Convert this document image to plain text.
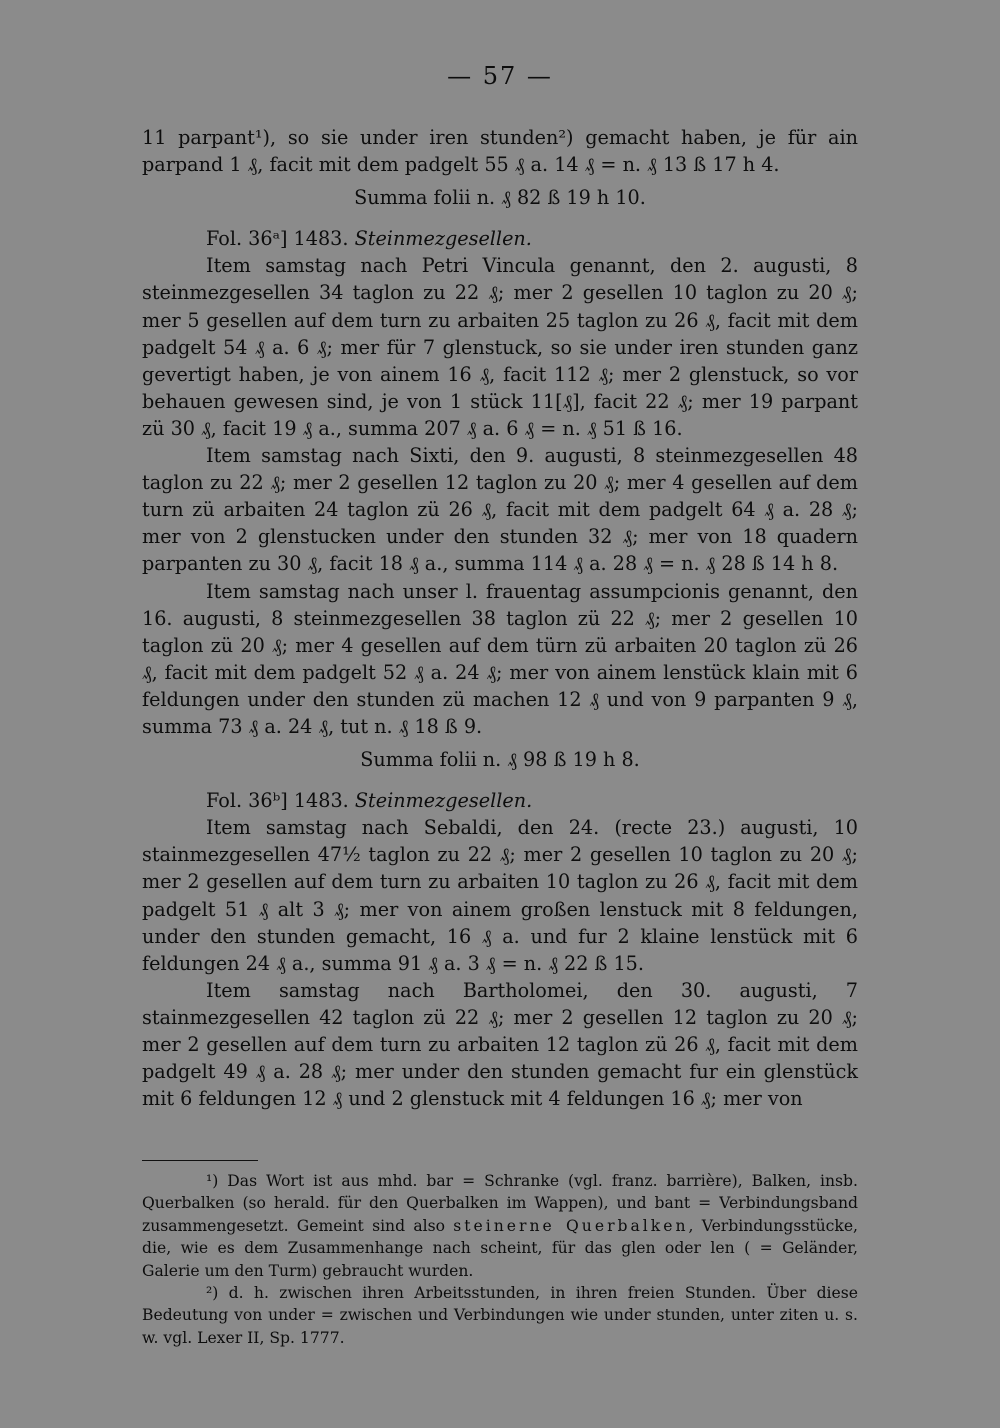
— 57 —

11 parpant¹), so sie under iren stunden²) gemacht haben, je für ain parpand 1 ₰, facit mit dem padgelt 55 ₰ a. 14 ₰ = n. ₰ 13 ß 17 h 4.

Summa folii n. ₰ 82 ß 19 h 10.

Fol. 36ᵃ] 1483. Steinmezgesellen.

Item samstag nach Petri Vincula genannt, den 2. augusti, 8 steinmezgesellen 34 taglon zu 22 ₰; mer 2 gesellen 10 taglon zu 20 ₰; mer 5 gesellen auf dem turn zu arbaiten 25 taglon zu 26 ₰, facit mit dem padgelt 54 ₰ a. 6 ₰; mer für 7 glenstuck, so sie under iren stunden ganz gevertigt haben, je von ainem 16 ₰, facit 112 ₰; mer 2 glenstuck, so vor behauen gewesen sind, je von 1 stück 11[₰], facit 22 ₰; mer 19 parpant zü 30 ₰, facit 19 ₰ a., summa 207 ₰ a. 6 ₰ = n. ₰ 51 ß 16.

Item samstag nach Sixti, den 9. augusti, 8 steinmezgesellen 48 taglon zu 22 ₰; mer 2 gesellen 12 taglon zu 20 ₰; mer 4 gesellen auf dem turn zü arbaiten 24 taglon zü 26 ₰, facit mit dem padgelt 64 ₰ a. 28 ₰; mer von 2 glenstucken under den stunden 32 ₰; mer von 18 quadern parpanten zu 30 ₰, facit 18 ₰ a., summa 114 ₰ a. 28 ₰ = n. ₰ 28 ß 14 h 8.

Item samstag nach unser l. frauentag assumpcionis genannt, den 16. augusti, 8 steinmezgesellen 38 taglon zü 22 ₰; mer 2 gesellen 10 taglon zü 20 ₰; mer 4 gesellen auf dem türn zü arbaiten 20 taglon zü 26 ₰, facit mit dem padgelt 52 ₰ a. 24 ₰; mer von ainem lenstück klain mit 6 feldungen under den stunden zü machen 12 ₰ und von 9 parpanten 9 ₰, summa 73 ₰ a. 24 ₰, tut n. ₰ 18 ß 9.

Summa folii n. ₰ 98 ß 19 h 8.

Fol. 36ᵇ] 1483. Steinmezgesellen.

Item samstag nach Sebaldi, den 24. (recte 23.) augusti, 10 stainmezgesellen 47½ taglon zu 22 ₰; mer 2 gesellen 10 taglon zu 20 ₰; mer 2 gesellen auf dem turn zu arbaiten 10 taglon zu 26 ₰, facit mit dem padgelt 51 ₰ alt 3 ₰; mer von ainem großen lenstuck mit 8 feldungen, under den stunden gemacht, 16 ₰ a. und fur 2 klaine lenstück mit 6 feldungen 24 ₰ a., summa 91 ₰ a. 3 ₰ = n. ₰ 22 ß 15.

Item samstag nach Bartholomei, den 30. augusti, 7 stainmezgesellen 42 taglon zü 22 ₰; mer 2 gesellen 12 taglon zu 20 ₰; mer 2 gesellen auf dem turn zu arbaiten 12 taglon zü 26 ₰, facit mit dem padgelt 49 ₰ a. 28 ₰; mer under den stunden gemacht fur ein glenstück mit 6 feldungen 12 ₰ und 2 glenstuck mit 4 feldungen 16 ₰; mer von

¹) Das Wort ist aus mhd. bar = Schranke (vgl. franz. barrière), Balken, insb. Querbalken (so herald. für den Querbalken im Wappen), und bant = Verbindungsband zusammengesetzt. Gemeint sind also steinerne Querbalken, Verbindungsstücke, die, wie es dem Zusammenhange nach scheint, für das glen oder len ( = Geländer, Galerie um den Turm) gebraucht wurden.

²) d. h. zwischen ihren Arbeitsstunden, in ihren freien Stunden. Über diese Bedeutung von under = zwischen und Verbindungen wie under stunden, unter ziten u. s. w. vgl. Lexer II, Sp. 1777.
